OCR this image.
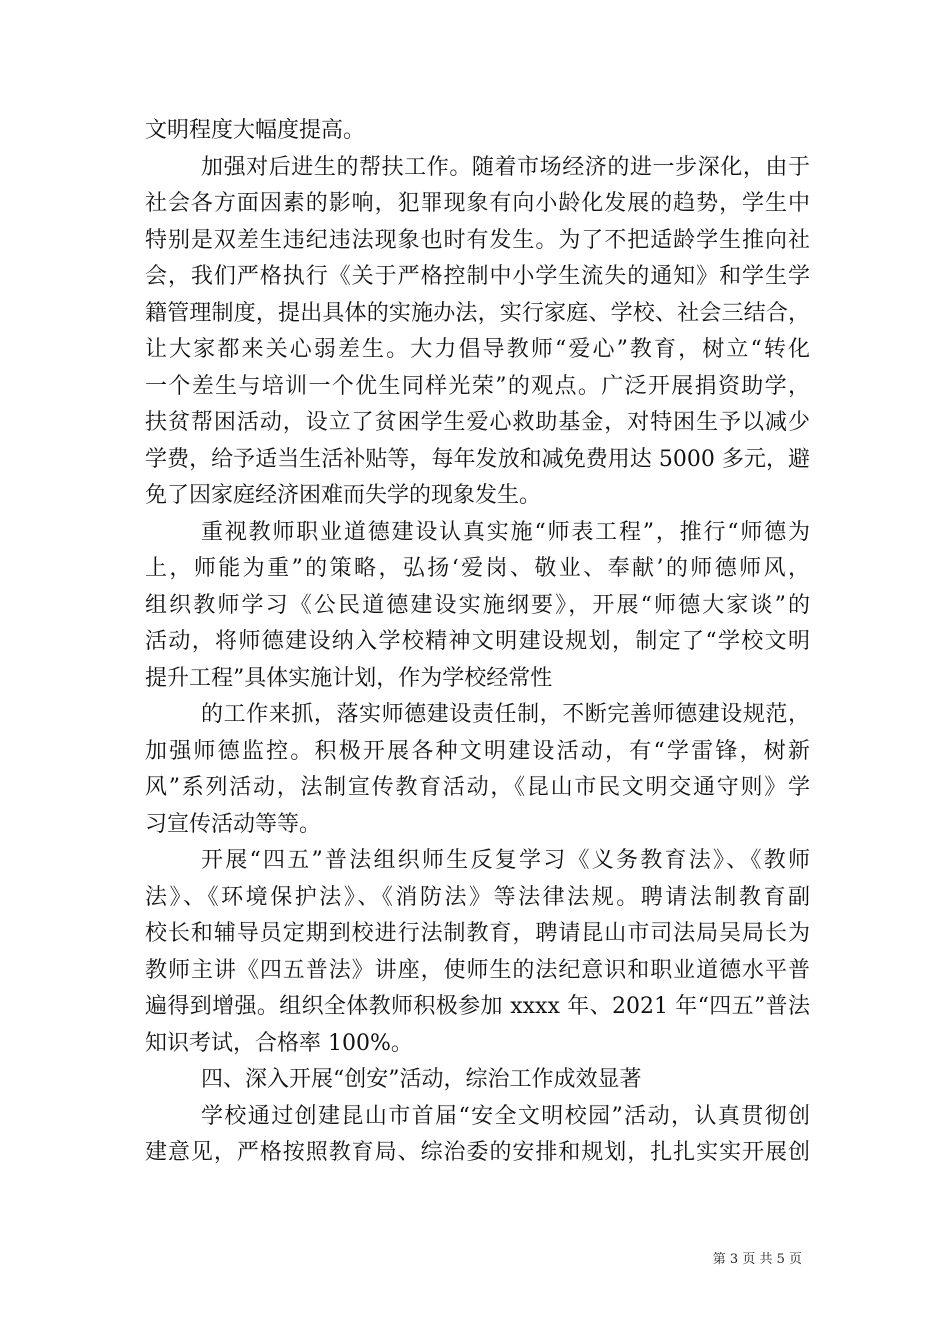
文明程度大幅度提高。
加强对后进生的帮扶工作。随着市场经济的进一步深化，由于
社会各方面因素的影响，犯罪现象有向小龄化发展的趋势，学生中
特别是双差生违纪违法现象也时有发生。为了不把适龄学生推向社
会，我们严格执行《关于严格控制中小学生流失的通知》和学生学
籍管理制度，提出具体的实施办法，实行家庭、学校、社会三结合，
让大家都来关心弱差生。大力倡导教师“爱心”教育，树立“转化
一个差生与培训一个优生同样光荣”的观点。广泛开展捐资助学，
扶贫帮困活动，设立了贫困学生爱心救助基金，对特困生予以减少
学费，给予适当生活补贴等，每年发放和减免费用达 5000 多元，避
免了因家庭经济困难而失学的现象发生。
重视教师职业道德建设认真实施“师表工程”，推行“师德为
上，师能为重”的策略，弘扬‘爱岗、敬业、奉献’的师德师风，
组织教师学习《公民道德建设实施纲要》，开展“师德大家谈”的
活动，将师德建设纳入学校精神文明建设规划，制定了“学校文明
提升工程”具体实施计划，作为学校经常性
的工作来抓，落实师德建设责任制，不断完善师德建设规范，
加强师德监控。积极开展各种文明建设活动，有“学雷锋，树新
风”系列活动，法制宣传教育活动，《昆山市民文明交通守则》学
习宣传活动等等。
开展“四五”普法组织师生反复学习《义务教育法》、《教师
法》、《环境保护法》、《消防法》等法律法规。聘请法制教育副
校长和辅导员定期到校进行法制教育，聘请昆山市司法局吴局长为
教师主讲《四五普法》讲座，使师生的法纪意识和职业道德水平普
遍得到增强。组织全体教师积极参加 xxxx 年、2021 年“四五”普法
知识考试，合格率 100%。
四、深入开展“创安”活动，综治工作成效显著
学校通过创建昆山市首届“安全文明校园”活动，认真贯彻创
建意见，严格按照教育局、综治委的安排和规划，扎扎实实开展创
第 3 页 共 5 页
